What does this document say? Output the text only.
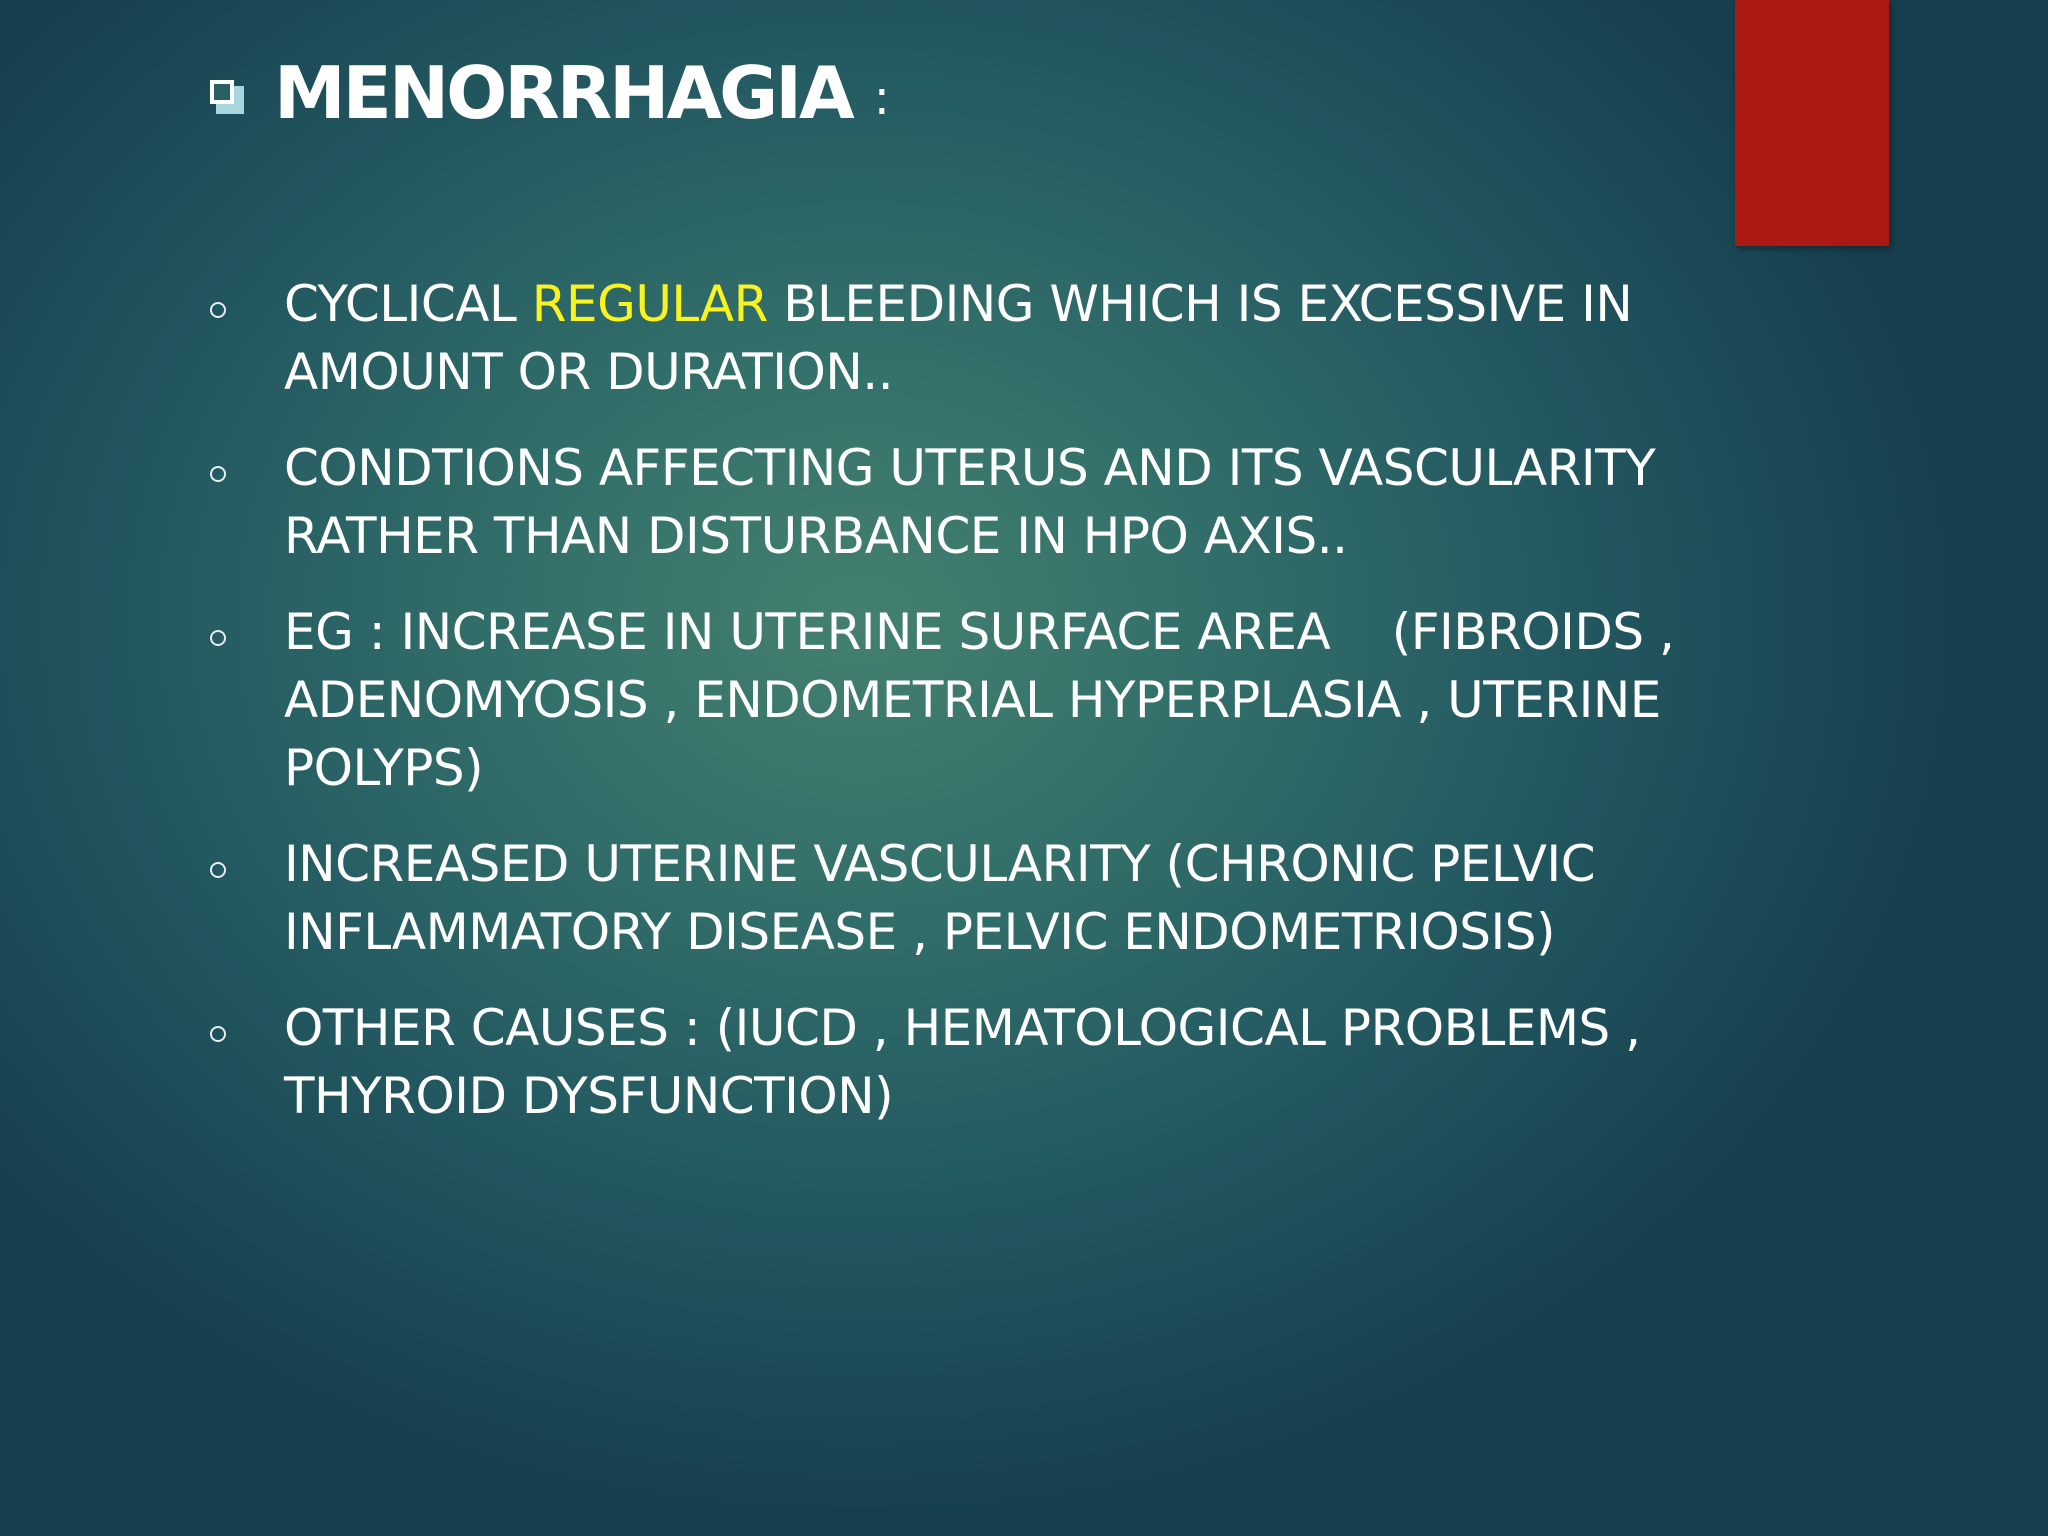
MENORRHAGIA :
CYCLICAL REGULAR BLEEDING WHICH IS EXCESSIVE IN AMOUNT OR DURATION..
CONDTIONS AFFECTING UTERUS AND ITS VASCULARITY RATHER THAN DISTURBANCE IN HPO AXIS..
EG : INCREASE IN UTERINE SURFACE AREA    (FIBROIDS , ADENOMYOSIS , ENDOMETRIAL HYPERPLASIA , UTERINE POLYPS)
INCREASED UTERINE VASCULARITY (CHRONIC PELVIC INFLAMMATORY DISEASE , PELVIC ENDOMETRIOSIS)
OTHER CAUSES : (IUCD , HEMATOLOGICAL PROBLEMS , THYROID DYSFUNCTION)
